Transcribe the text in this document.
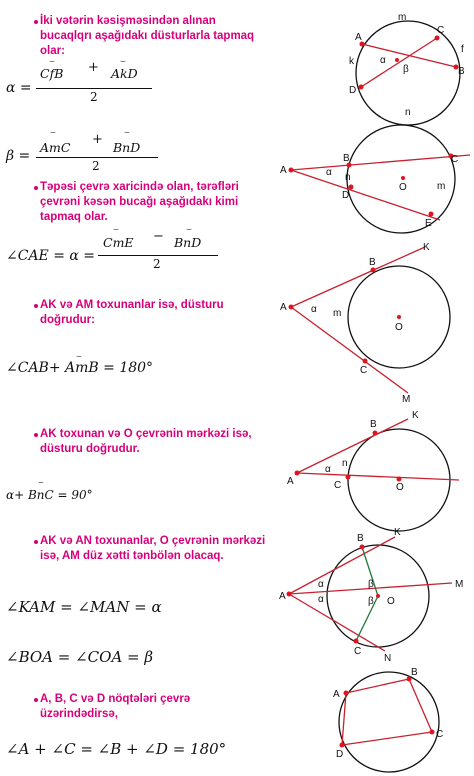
İki vətərin kəsişməsindən alınan bucaqlqrı aşağıdakı düsturlarla tapmaq olar:
Təpəsi çevrə xaricində olan, tərəfləri çevrəni kəsən bucağı aşağıdakı kimi tapmaq olar.
AK və AM toxunanlar isə, düsturu doğrudur:
AK toxunan və O çevrənin mərkəzi isə, düsturu doğrudur.
AK və AN toxunanlar, O çevrənin mərkəzi isə, AM düz xətti tənbölən olacaq.
A, B, C və D nöqtələri çevrə üzərindədirsə,
α =
⌣
CfB + ⌣
AkD
2
β =
⌣
AmC
+ ⌣
BnD
2
∠CAE = α =
⌣
CmE − ⌣
BnD
2
⌣
∠CAB+ AmB = 180°
⌣
α+ BnC = 90°
∠KAM = ∠MAN = α
∠BOA = ∠COA = β
∠A + ∠C = ∠B + ∠D = 180°
m
A
C
k	α
β
f
B
D
n
A	α
B	C
n
O	m
D
E
K
B
A α m
O
C
M
B
K
α
n
A	C	O
B
K
α
α
β
β O
M
A
C
N
B
A
C
D
